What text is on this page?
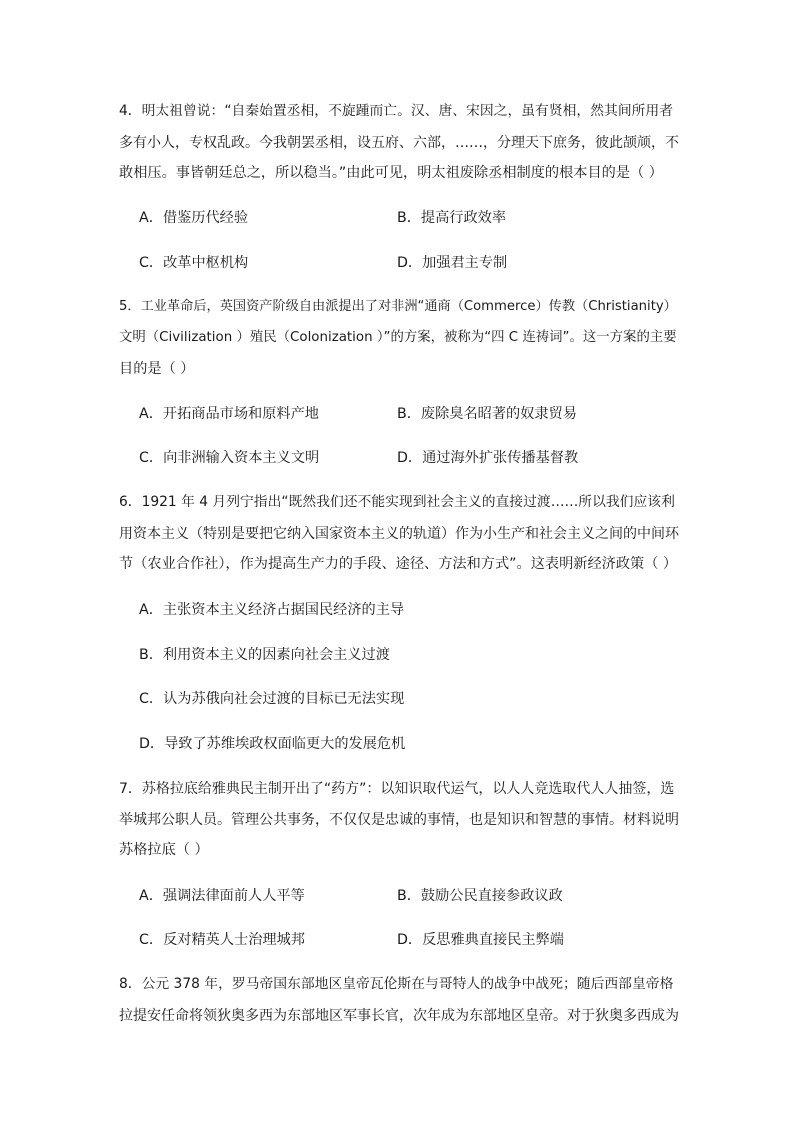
4．明太祖曾说：“自秦始置丞相，不旋踵而亡。汉、唐、宋因之，虽有贤相，然其间所用者
多有小人，专权乱政。今我朝罢丞相，设五府、六部，……，分理天下庶务，彼此颉颃，不
敢相压。事皆朝廷总之，所以稳当。”由此可见，明太祖废除丞相制度的根本目的是（ ）
A．借鉴历代经验	B．提高行政效率
C．改革中枢机构	D．加强君主专制
5．工业革命后，英国资产阶级自由派提出了对非洲“通商（Commerce）传教（Christianity）
文明（Civilization ）殖民（Colonization ）”的方案，被称为“四 C 连祷词”。这一方案的主要
目的是（ ）
A．开拓商品市场和原料产地	B．废除臭名昭著的奴隶贸易
C．向非洲输入资本主义文明	D．通过海外扩张传播基督教
6．1921 年 4 月列宁指出“既然我们还不能实现到社会主义的直接过渡……所以我们应该利
用资本主义（特别是要把它纳入国家资本主义的轨道）作为小生产和社会主义之间的中间环
节（农业合作社），作为提高生产力的手段、途径、方法和方式”。这表明新经济政策（ ）
A．主张资本主义经济占据国民经济的主导
B．利用资本主义的因素向社会主义过渡
C．认为苏俄向社会过渡的目标已无法实现
D．导致了苏维埃政权面临更大的发展危机
7．苏格拉底给雅典民主制开出了“药方”：以知识取代运气，以人人竞选取代人人抽签，选
举城邦公职人员。管理公共事务，不仅仅是忠诚的事情，也是知识和智慧的事情。材料说明
苏格拉底（ ）
A．强调法律面前人人平等	B．鼓励公民直接参政议政
C．反对精英人士治理城邦	D．反思雅典直接民主弊端
8．公元 378 年，罗马帝国东部地区皇帝瓦伦斯在与哥特人的战争中战死；随后西部皇帝格
拉提安任命将领狄奥多西为东部地区军事长官，次年成为东部地区皇帝。对于狄奥多西成为
